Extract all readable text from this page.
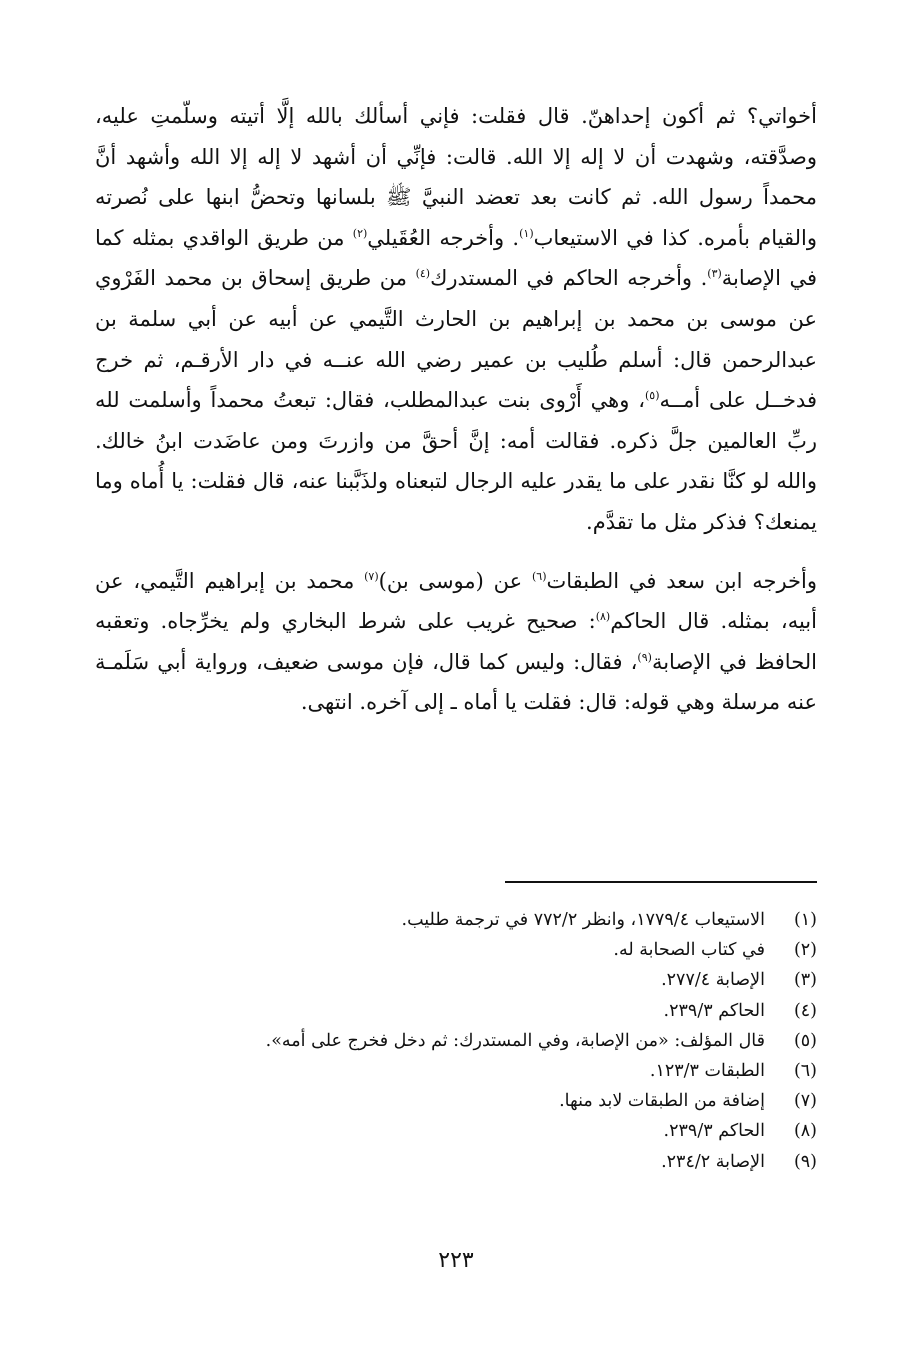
أخواتي؟ ثم أكون إحداهنّ. قال فقلت: فإني أسألك بالله إلَّا أتيته وسلّمتِ عليه، وصدَّقته، وشهدت أن لا إله إلا الله. قالت: فإنِّي أن أشهد لا إله إلا الله وأشهد أنَّ محمداً رسول الله. ثم كانت بعد تعضد النبيَّ ﷺ بلسانها وتحضُّ ابنها على نُصرته والقيام بأمره. كذا في الاستيعاب$^{(١)}$. وأخرجه العُقَيلي$^{(٢)}$ من طريق الواقدي بمثله كما في الإصابة$^{(٣)}$. وأخرجه الحاكم في المستدرك$^{(٤)}$ من طريق إسحاق بن محمد الفَرْوي عن موسى بن محمد بن إبراهيم بن الحارث التَّيمي عن أبيه عن أبي سلمة بن عبدالرحمن قال: أسلم طُليب بن عمير رضي الله عنــه في دار الأرقـم، ثم خرج فدخــل على أمــه$^{(٥)}$، وهي أَرْوى بنت عبدالمطلب، فقال: تبعتُ محمداً وأسلمت لله ربِّ العالمين جلَّ ذكره. فقالت أمه: إنَّ أحقَّ من وازرتَ ومن عاضَدت ابنُ خالك. والله لو كنَّا نقدر على ما يقدر عليه الرجال لتبعناه ولذَبَّبنا عنه، قال فقلت: يا أُماه وما يمنعك؟ فذكر مثل ما تقدَّم.

وأخرجه ابن سعد في الطبقات$^{(٦)}$ عن (موسى بن)$^{(٧)}$ محمد بن إبراهيم التَّيمي، عن أبيه، بمثله. قال الحاكم$^{(٨)}$: صحيح غريب على شرط البخاري ولم يخرِّجاه. وتعقبه الحافظ في الإصابة$^{(٩)}$، فقال: وليس كما قال، فإن موسى ضعيف، ورواية أبي سَلَمـة عنه مرسلة وهي قوله: قال: فقلت يا أماه ـ إلى آخره. انتهى.

(١)
الاستيعاب ١٧٧٩/٤، وانظر ٧٧٢/٢ في ترجمة طليب.
(٢)
في كتاب الصحابة له.
(٣)
الإصابة ٢٧٧/٤.
(٤)
الحاكم ٢٣٩/٣.
(٥)
قال المؤلف: «من الإصابة، وفي المستدرك: ثم دخل فخرج على أمه».
(٦)
الطبقات ١٢٣/٣.
(٧)
إضافة من الطبقات لابد منها.
(٨)
الحاكم ٢٣٩/٣.
(٩)
الإصابة ٢٣٤/٢.
٢٢٣
